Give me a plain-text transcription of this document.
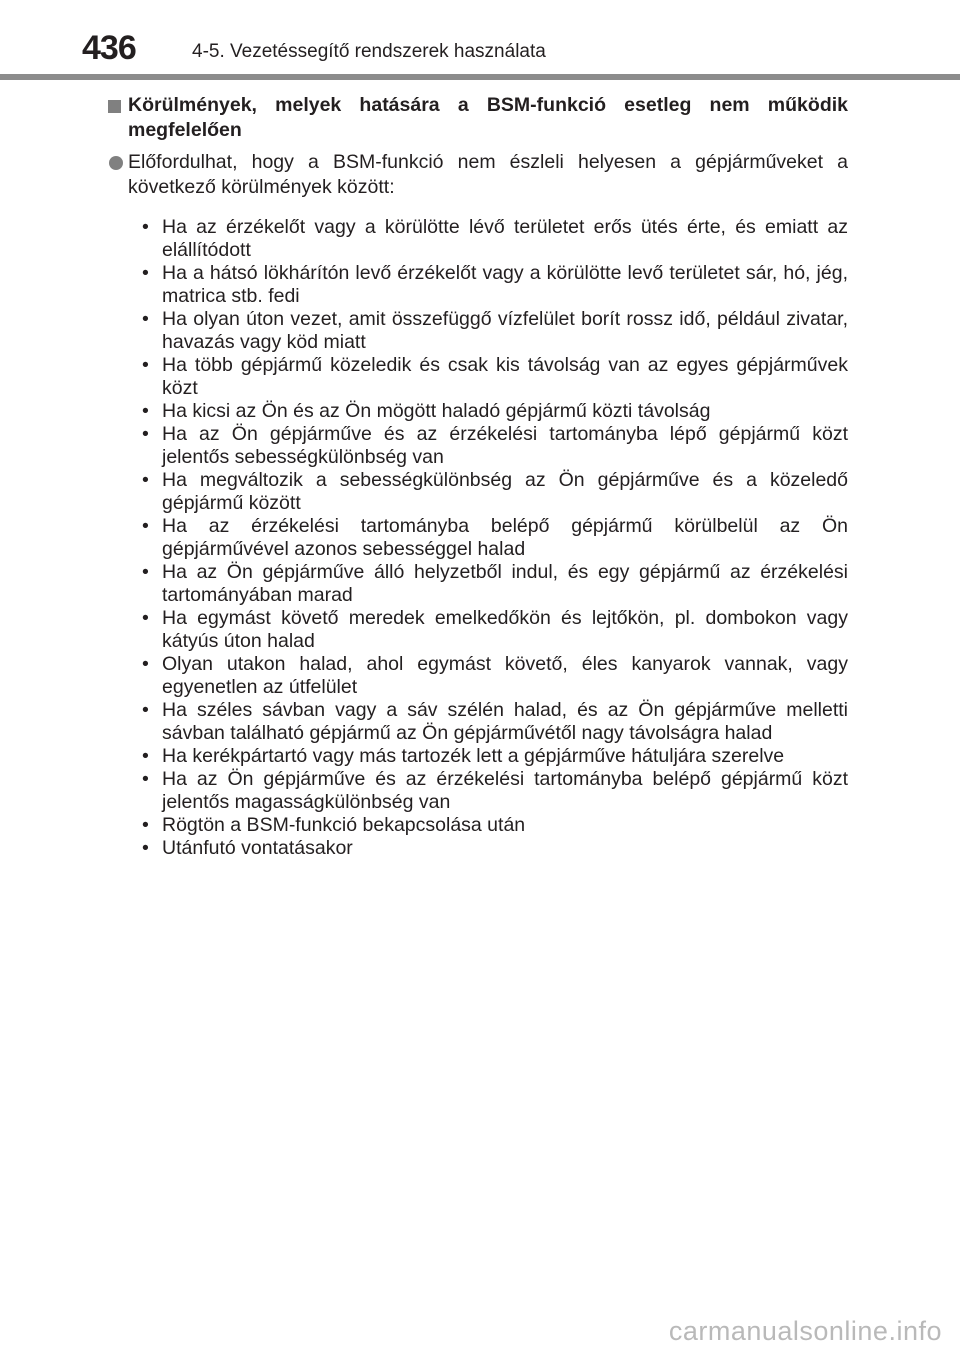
436	4-5. Vezetéssegítő rendszerek használata
Körülmények, melyek hatására a BSM-funkció esetleg nem működik megfelelően
Előfordulhat, hogy a BSM-funkció nem észleli helyesen a gépjárműveket a következő körülmények között:
• Ha az érzékelőt vagy a körülötte lévő területet erős ütés érte, és emiatt az elállítódott
• Ha a hátsó lökhárítón levő érzékelőt vagy a körülötte levő területet sár, hó, jég, matrica stb. fedi
• Ha olyan úton vezet, amit összefüggő vízfelület borít rossz idő, például zivatar, havazás vagy köd miatt
• Ha több gépjármű közeledik és csak kis távolság van az egyes gépjárművek közt
• Ha kicsi az Ön és az Ön mögött haladó gépjármű közti távolság
• Ha az Ön gépjárműve és az érzékelési tartományba lépő gépjármű közt jelentős sebességkülönbség van
• Ha megváltozik a sebességkülönbség az Ön gépjárműve és a közeledő gépjármű között
• Ha az érzékelési tartományba belépő gépjármű körülbelül az Ön gépjárművével azonos sebességgel halad
• Ha az Ön gépjárműve álló helyzetből indul, és egy gépjármű az érzékelési tartományában marad
• Ha egymást követő meredek emelkedőkön és lejtőkön, pl. dombokon vagy kátyús úton halad
• Olyan utakon halad, ahol egymást követő, éles kanyarok vannak, vagy egyenetlen az útfelület
• Ha széles sávban vagy a sáv szélén halad, és az Ön gépjárműve melletti sávban található gépjármű az Ön gépjárművétől nagy távolságra halad
• Ha kerékpártartó vagy más tartozék lett a gépjárműve hátuljára szerelve
• Ha az Ön gépjárműve és az érzékelési tartományba belépő gépjármű közt jelentős magasságkülönbség van
• Rögtön a BSM-funkció bekapcsolása után
• Utánfutó vontatásakor
carmanualsonline.info
